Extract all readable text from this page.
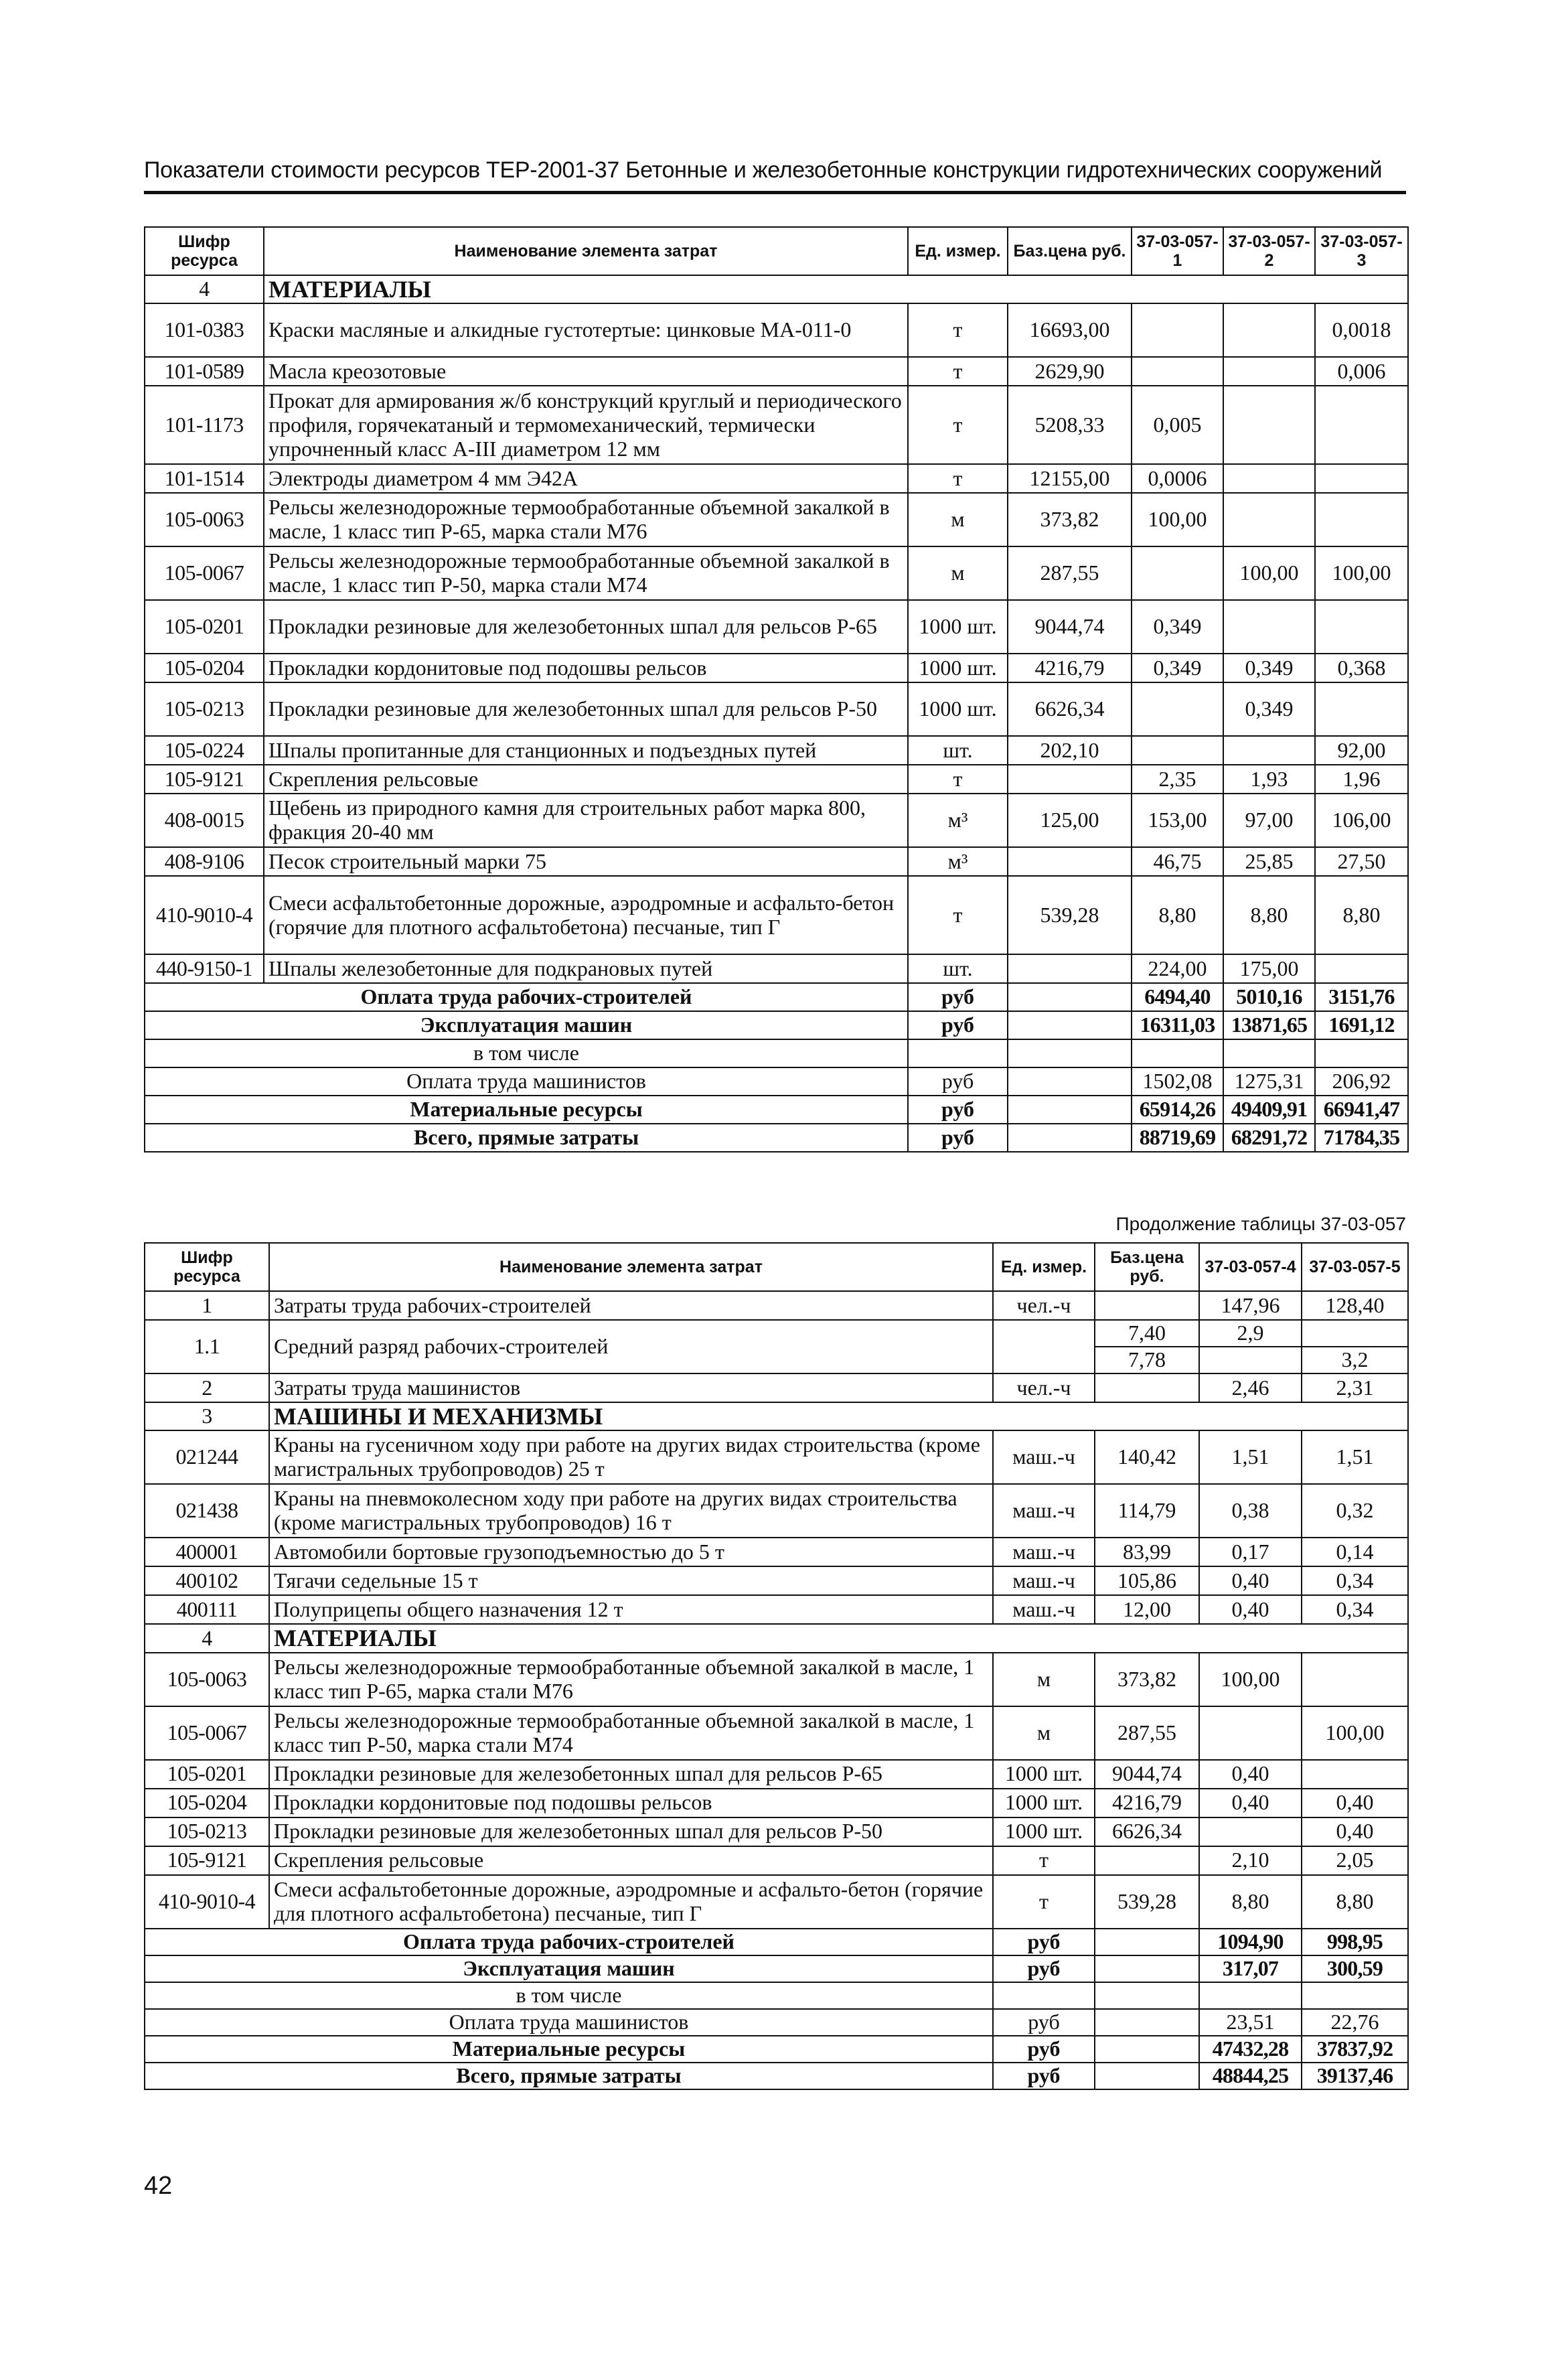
Показатели стоимости ресурсов ТЕР-2001-37 Бетонные и железобетонные конструкции гидротехнических сооружений
Шифр ресурса	Наименование элемента затрат	Ед. измер.	Баз.цена руб.	37-03-057-1	37-03-057-2	37-03-057-3
4	МАТЕРИАЛЫ					
101-0383	Краски масляные и алкидные густотертые: цинковые МА-011-0	т	16693,00			0,0018
101-0589	Масла креозотовые	т	2629,90			0,006
101-1173	Прокат для армирования ж/б конструкций круглый и периодического профиля, горячекатаный и термомеханический, термически упрочненный класс А-III диаметром 12 мм	т	5208,33	0,005		
101-1514	Электроды диаметром 4 мм Э42А	т	12155,00	0,0006		
105-0063	Рельсы железнодорожные термообработанные объемной закалкой в масле, 1 класс тип Р-65, марка стали М76	м	373,82	100,00		
105-0067	Рельсы железнодорожные термообработанные объемной закалкой в масле, 1 класс тип Р-50, марка стали М74	м	287,55		100,00	100,00
105-0201	Прокладки резиновые для железобетонных шпал для рельсов Р-65	1000 шт.	9044,74	0,349		
105-0204	Прокладки кордонитовые под подошвы рельсов	1000 шт.	4216,79	0,349	0,349	0,368
105-0213	Прокладки резиновые для железобетонных шпал для рельсов Р-50	1000 шт.	6626,34		0,349	
105-0224	Шпалы пропитанные для станционных и подъездных путей	шт.	202,10			92,00
105-9121	Скрепления рельсовые	т		2,35	1,93	1,96
408-0015	Щебень из природного камня для строительных работ марка 800, фракция 20-40 мм	м³	125,00	153,00	97,00	106,00
408-9106	Песок строительный марки 75	м³		46,75	25,85	27,50
410-9010-4	Смеси асфальтобетонные дорожные, аэродромные и асфальто-бетон (горячие для плотного асфальтобетона) песчаные, тип Г	т	539,28	8,80	8,80	8,80
440-9150-1	Шпалы железобетонные для подкрановых путей	шт.		224,00	175,00	
Оплата труда рабочих-строителей		руб		6494,40	5010,16	3151,76
Эксплуатация машин		руб		16311,03	13871,65	1691,12
в том числе						
Оплата труда машинистов		руб		1502,08	1275,31	206,92
Материальные ресурсы		руб		65914,26	49409,91	66941,47
Всего, прямые затраты		руб		88719,69	68291,72	71784,35
Продолжение таблицы 37-03-057
Шифр ресурса	Наименование элемента затрат	Ед. измер.	Баз.цена руб.	37-03-057-4	37-03-057-5
1	Затраты труда рабочих-строителей	чел.-ч		147,96	128,40
1.1	Средний разряд рабочих-строителей		7,40	2,9	
			7,78		3,2
2	Затраты труда машинистов	чел.-ч		2,46	2,31
3	МАШИНЫ И МЕХАНИЗМЫ				
021244	Краны на гусеничном ходу при работе на других видах строительства (кроме магистральных трубопроводов) 25 т	маш.-ч	140,42	1,51	1,51
021438	Краны на пневмоколесном ходу при работе на других видах строительства (кроме магистральных трубопроводов) 16 т	маш.-ч	114,79	0,38	0,32
400001	Автомобили бортовые грузоподъемностью до 5 т	маш.-ч	83,99	0,17	0,14
400102	Тягачи седельные 15 т	маш.-ч	105,86	0,40	0,34
400111	Полуприцепы общего назначения 12 т	маш.-ч	12,00	0,40	0,34
4	МАТЕРИАЛЫ				
105-0063	Рельсы железнодорожные термообработанные объемной закалкой в масле, 1 класс тип Р-65, марка стали М76	м	373,82	100,00	
105-0067	Рельсы железнодорожные термообработанные объемной закалкой в масле, 1 класс тип Р-50, марка стали М74	м	287,55		100,00
105-0201	Прокладки резиновые для железобетонных шпал для рельсов Р-65	1000 шт.	9044,74	0,40	
105-0204	Прокладки кордонитовые под подошвы рельсов	1000 шт.	4216,79	0,40	0,40
105-0213	Прокладки резиновые для железобетонных шпал для рельсов Р-50	1000 шт.	6626,34		0,40
105-9121	Скрепления рельсовые	т		2,10	2,05
410-9010-4	Смеси асфальтобетонные дорожные, аэродромные и асфальто-бетон (горячие для плотного асфальтобетона) песчаные, тип Г	т	539,28	8,80	8,80
Оплата труда рабочих-строителей		руб		1094,90	998,95
Эксплуатация машин		руб		317,07	300,59
в том числе					
Оплата труда машинистов		руб		23,51	22,76
Материальные ресурсы		руб		47432,28	37837,92
Всего, прямые затраты		руб		48844,25	39137,46
42
